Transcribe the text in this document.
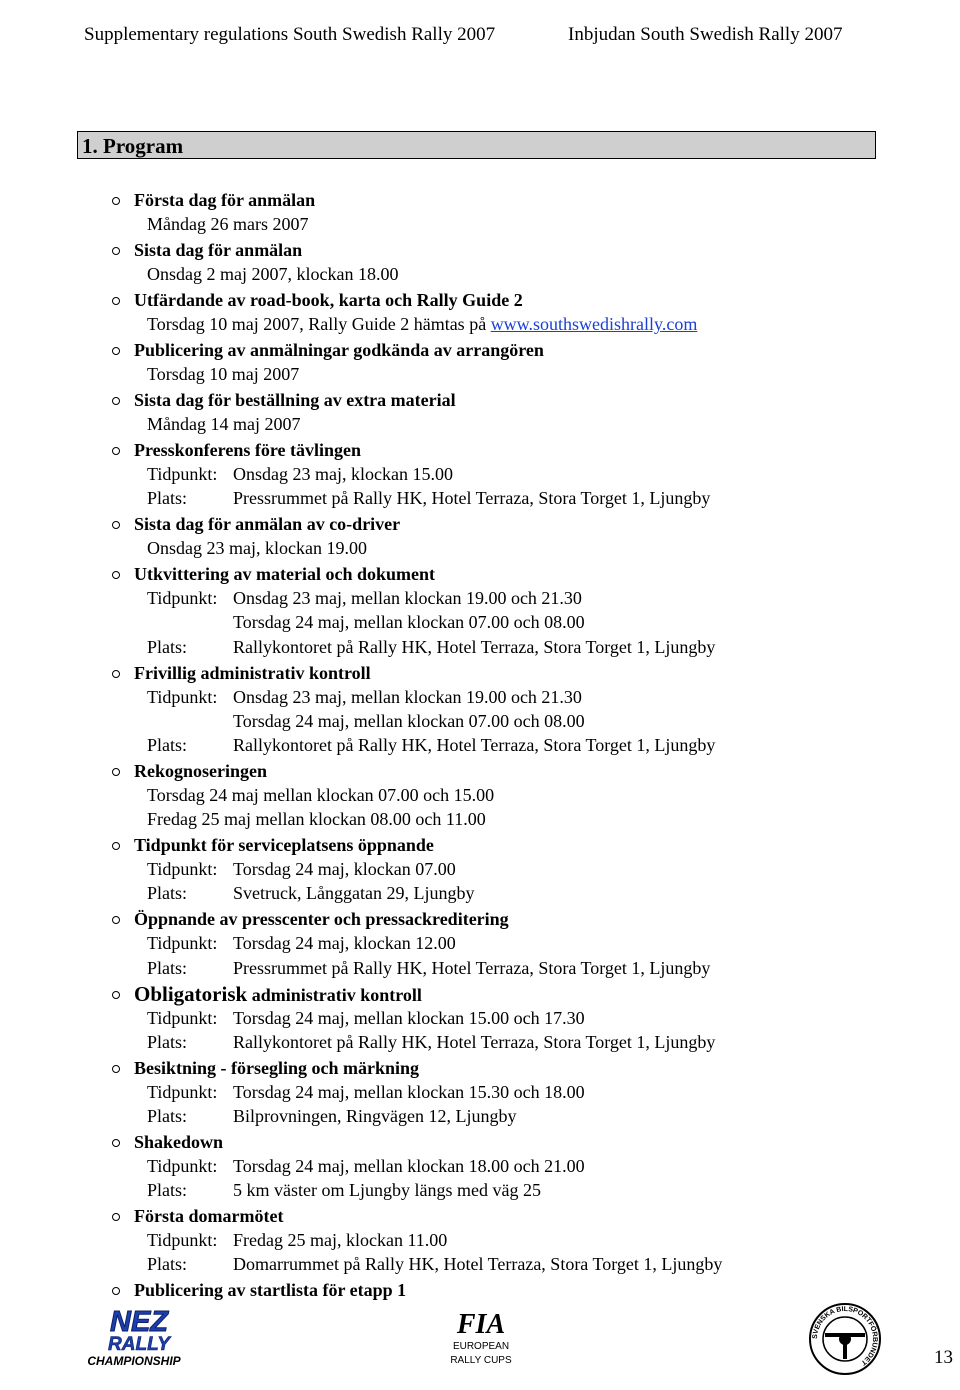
Supplementary regulations South Swedish Rally 2007	Inbjudan South Swedish Rally 2007
1. Program
Första dag för anmälan
Måndag 26 mars 2007
Sista dag för anmälan
Onsdag 2 maj 2007, klockan 18.00
Utfärdande av road-book, karta och Rally Guide 2
Torsdag 10 maj 2007, Rally Guide 2 hämtas på www.southswedishrally.com
Publicering av anmälningar godkända av arrangören
Torsdag 10 maj 2007
Sista dag för beställning av extra material
Måndag 14 maj 2007
Presskonferens före tävlingen
Tidpunkt: Onsdag 23 maj, klockan 15.00
Plats:	Pressrummet på Rally HK, Hotel Terraza, Stora Torget 1, Ljungby
Sista dag för anmälan av co-driver
Onsdag 23 maj, klockan 19.00
Utkvittering av material och dokument
Tidpunkt: Onsdag 23 maj, mellan klockan 19.00 och 21.30
Torsdag 24 maj, mellan klockan 07.00 och 08.00
Plats:	Rallykontoret på Rally HK, Hotel Terraza, Stora Torget 1, Ljungby
Frivillig administrativ kontroll
Tidpunkt: Onsdag 23 maj, mellan klockan 19.00 och 21.30
Torsdag 24 maj, mellan klockan 07.00 och 08.00
Plats:	Rallykontoret på Rally HK, Hotel Terraza, Stora Torget 1, Ljungby
Rekognoseringen
Torsdag 24 maj mellan klockan 07.00 och 15.00
Fredag 25 maj mellan klockan 08.00 och 11.00
Tidpunkt för serviceplatsens öppnande
Tidpunkt: Torsdag 24 maj, klockan 07.00
Plats:	Svetruck, Långgatan 29, Ljungby
Öppnande av presscenter och pressackreditering
Tidpunkt: Torsdag 24 maj, klockan 12.00
Plats:	Pressrummet på Rally HK, Hotel Terraza, Stora Torget 1, Ljungby
Obligatorisk administrativ kontroll
Tidpunkt: Torsdag 24 maj, mellan klockan 15.00 och 17.30
Plats:	Rallykontoret på Rally HK, Hotel Terraza, Stora Torget 1, Ljungby
Besiktning - försegling och märkning
Tidpunkt: Torsdag 24 maj, mellan klockan 15.30 och 18.00
Plats:	Bilprovningen, Ringvägen 12, Ljungby
Shakedown
Tidpunkt: Torsdag 24 maj, mellan klockan 18.00 och 21.00
Plats:	5 km väster om Ljungby längs med väg 25
Första domarmötet
Tidpunkt: Fredag 25 maj, klockan 11.00
Plats:	Domarrummet på Rally HK, Hotel Terraza, Stora Torget 1, Ljungby
Publicering av startlista för etapp 1
NEZ
RALLY
CHAMPIONSHIP
FIA
EUROPEAN
RALLY CUPS
SVENSKA BILSPORTFÖRBUNDET	13
